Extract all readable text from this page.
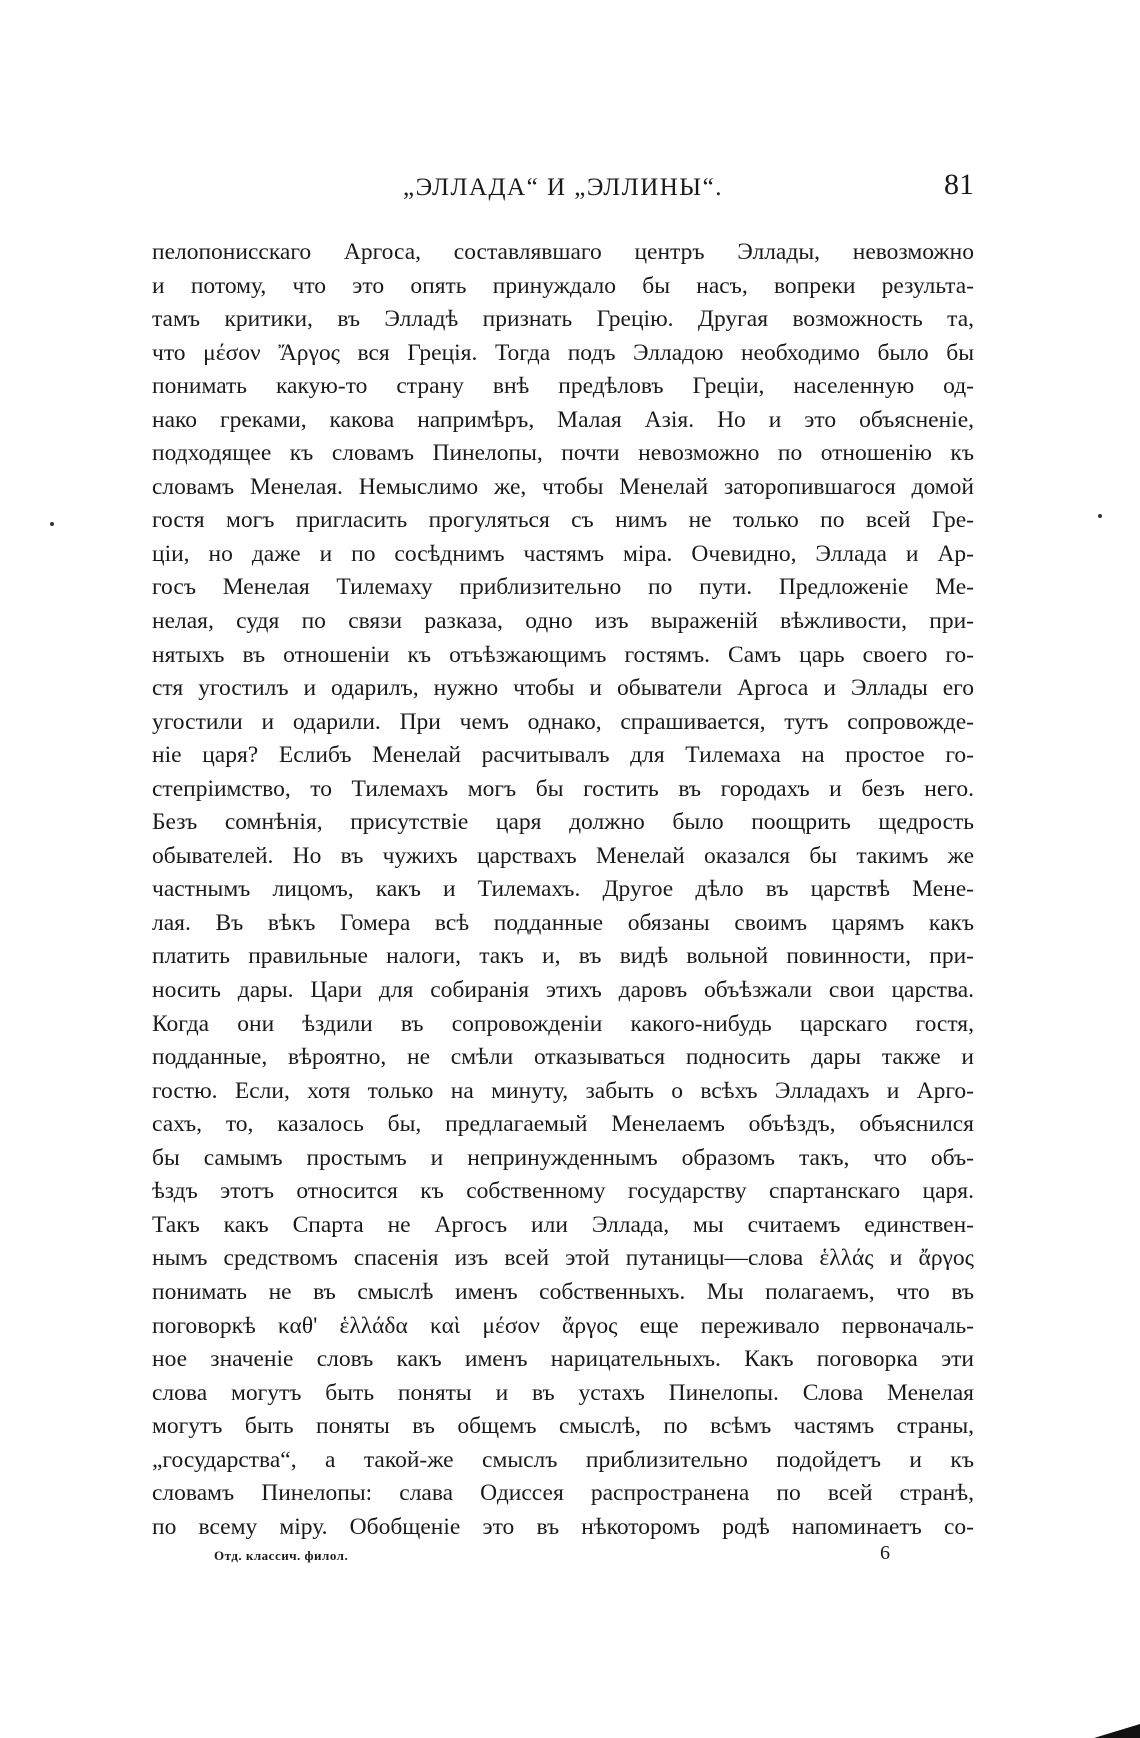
„ЭЛЛАДА“ И „ЭЛЛИНЫ“.	81
пелопонисскаго Аргоса, составлявшаго центръ Эллады, невозможно
и потому, что это опять принуждало бы насъ, вопреки результа-
тамъ критики, въ Элладѣ признать Грецію. Другая возможность та,
что μέσον Ἄργος вся Греція. Тогда подъ Элладою необходимо было бы
понимать какую-то страну внѣ предѣловъ Греціи, населенную од-
нако греками, какова напримѣръ, Малая Азія. Но и это объясненіе,
подходящее къ словамъ Пинелопы, почти невозможно по отношенію къ
словамъ Менелая. Немыслимо же, чтобы Менелай заторопившагося домой
гостя могъ пригласить прогуляться съ нимъ не только по всей Гре-
ціи, но даже и по сосѣднимъ частямъ міра. Очевидно, Эллада и Ар-
госъ Менелая Тилемаху приблизительно по пути. Предложеніе Ме-
нелая, судя по связи разказа, одно изъ выраженій вѣжливости, при-
нятыхъ въ отношеніи къ отъѣзжающимъ гостямъ. Самъ царь своего го-
стя угостилъ и одарилъ, нужно чтобы и обыватели Аргоса и Эллады его
угостили и одарили. При чемъ однако, спрашивается, тутъ сопровожде-
ніе царя? Еслибъ Менелай расчитывалъ для Тилемаха на простое го-
степріимство, то Тилемахъ могъ бы гостить въ городахъ и безъ него.
Безъ сомнѣнія, присутствіе царя должно было поощрить щедрость
обывателей. Но въ чужихъ царствахъ Менелай оказался бы такимъ же
частнымъ лицомъ, какъ и Тилемахъ. Другое дѣло въ царствѣ Мене-
лая. Въ вѣкъ Гомера всѣ подданные обязаны своимъ царямъ какъ
платить правильные налоги, такъ и, въ видѣ вольной повинности, при-
носить дары. Цари для собиранія этихъ даровъ объѣзжали свои царства.
Когда они ѣздили въ сопровожденіи какого-нибудь царскаго гостя,
подданные, вѣроятно, не смѣли отказываться подносить дары также и
гостю. Если, хотя только на минуту, забыть о всѣхъ Элладахъ и Арго-
сахъ, то, казалось бы, предлагаемый Менелаемъ объѣздъ, объяснился
бы самымъ простымъ и непринужденнымъ образомъ такъ, что объ-
ѣздъ этотъ относится къ собственному государству спартанскаго царя.
Такъ какъ Спарта не Аргосъ или Эллада, мы считаемъ единствен-
нымъ средствомъ спасенія изъ всей этой путаницы—слова ἑλλάς и ἄργος
понимать не въ смыслѣ именъ собственныхъ. Мы полагаемъ, что въ
поговоркѣ καθ' ἑλλάδα καὶ μέσον ἄργος еще переживало первоначаль-
ное значеніе словъ какъ именъ нарицательныхъ. Какъ поговорка эти
слова могутъ быть поняты и въ устахъ Пинелопы. Слова Менелая
могутъ быть поняты въ общемъ смыслѣ, по всѣмъ частямъ страны,
„государства“, а такой-же смыслъ приблизительно подойдетъ и къ
словамъ Пинелопы: слава Одиссея распространена по всей странѣ,
по всему міру. Обобщеніе это въ нѣкоторомъ родѣ напоминаетъ со-
Отд. классич. филол.	6
